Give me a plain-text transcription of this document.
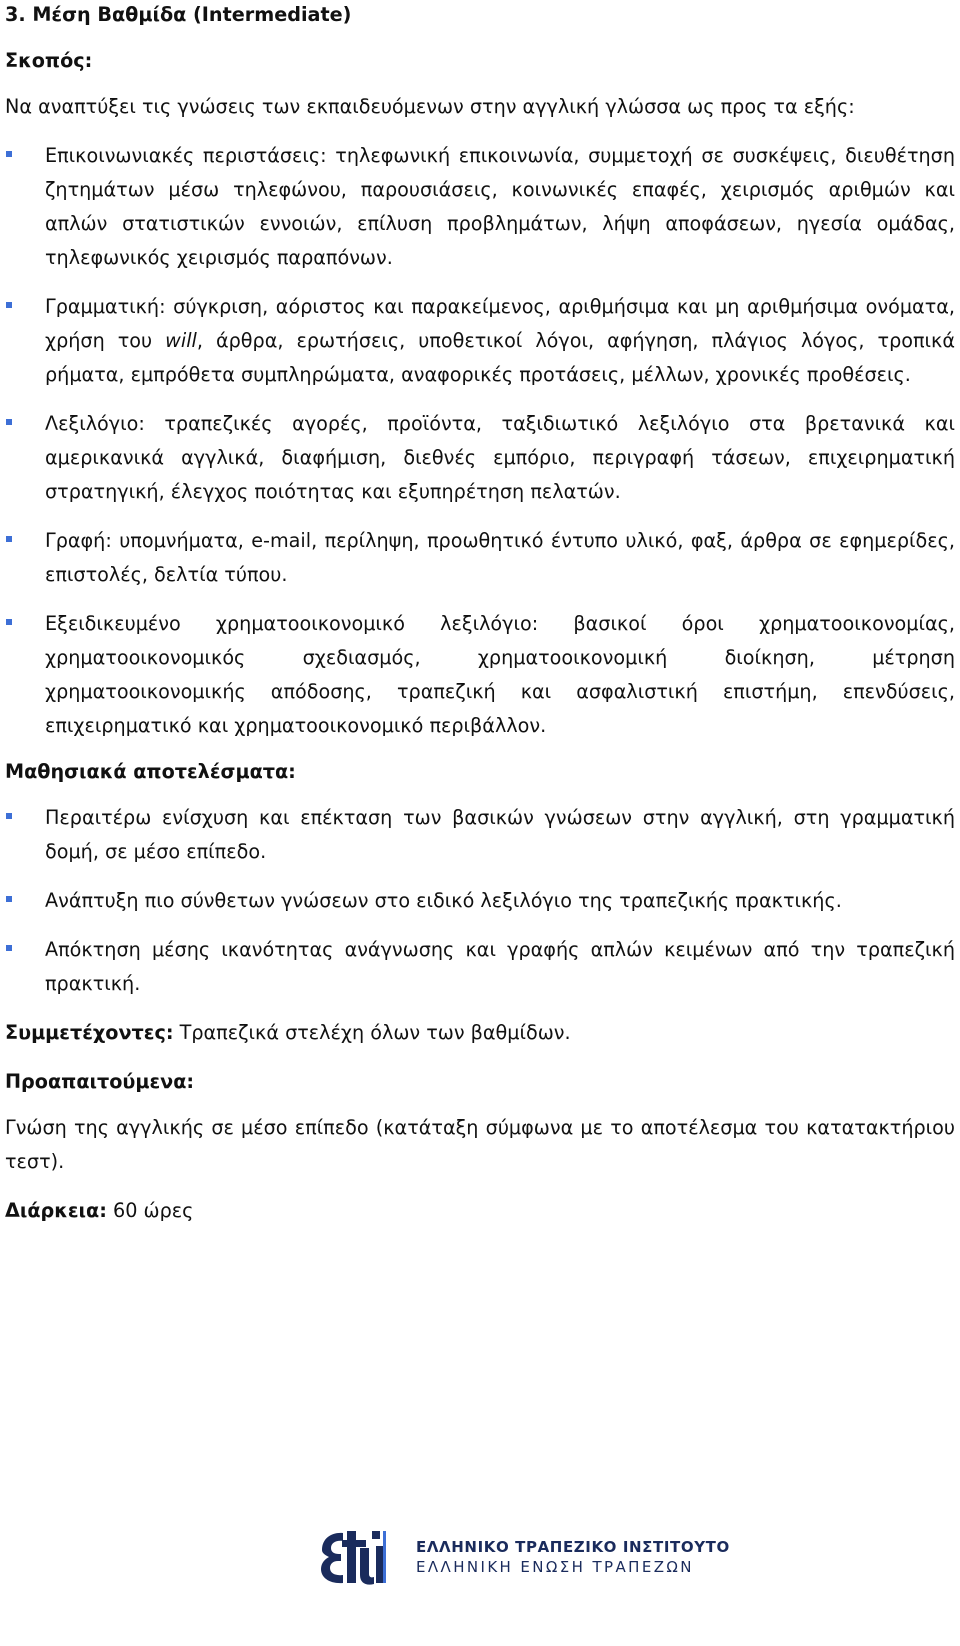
3. Μέση Βαθμίδα (Intermediate)

Σκοπός:

Να αναπτύξει τις γνώσεις των εκπαιδευόμενων στην αγγλική γλώσσα ως προς τα εξής:

Επικοινωνιακές περιστάσεις: τηλεφωνική επικοινωνία, συμμετοχή σε συσκέψεις, διευθέτηση ζητημάτων μέσω τηλεφώνου, παρουσιάσεις, κοινωνικές επαφές, χειρισμός αριθμών και απλών στατιστικών εννοιών, επίλυση προβλημάτων, λήψη αποφάσεων, ηγεσία ομάδας, τηλεφωνικός χειρισμός παραπόνων.
Γραμματική: σύγκριση, αόριστος και παρακείμενος, αριθμήσιμα και μη αριθμήσιμα ονόματα, χρήση του will, άρθρα, ερωτήσεις, υποθετικοί λόγοι, αφήγηση, πλάγιος λόγος, τροπικά ρήματα, εμπρόθετα συμπληρώματα, αναφορικές προτάσεις, μέλλων, χρονικές προθέσεις.
Λεξιλόγιο: τραπεζικές αγορές, προϊόντα, ταξιδιωτικό λεξιλόγιο στα βρετανικά και αμερικανικά αγγλικά, διαφήμιση, διεθνές εμπόριο, περιγραφή τάσεων, επιχειρηματική στρατηγική, έλεγχος ποιότητας και εξυπηρέτηση πελατών.
Γραφή: υπομνήματα, e-mail, περίληψη, προωθητικό έντυπο υλικό, φαξ, άρθρα σε εφημερίδες, επιστολές, δελτία τύπου.
Εξειδικευμένο χρηματοοικονομικό λεξιλόγιο: βασικοί όροι χρηματοοικονομίας, χρηματοοικονομικός σχεδιασμός, χρηματοοικονομική διοίκηση, μέτρηση χρηματοοικονομικής απόδοσης, τραπεζική και ασφαλιστική επιστήμη, επενδύσεις, επιχειρηματικό και χρηματοοικονομικό περιβάλλον.

Μαθησιακά αποτελέσματα:

Περαιτέρω ενίσχυση και επέκταση των βασικών γνώσεων στην αγγλική, στη γραμματική δομή, σε μέσο επίπεδο.
Ανάπτυξη πιο σύνθετων γνώσεων στο ειδικό λεξιλόγιο της τραπεζικής πρακτικής.
Απόκτηση μέσης ικανότητας ανάγνωσης και γραφής απλών κειμένων από την τραπεζική πρακτική.

Συμμετέχοντες: Τραπεζικά στελέχη όλων των βαθμίδων.

Προαπαιτούμενα:

Γνώση της αγγλικής σε μέσο επίπεδο (κατάταξη σύμφωνα με το αποτέλεσμα του κατατακτήριου τεστ).

Διάρκεια: 60 ώρες

ΕΛΛΗΝΙΚΟ ΤΡΑΠΕΖΙΚΟ ΙΝΣΤΙΤΟΥΤΟ
ΕΛΛΗΝΙΚΗ ΕΝΩΣΗ ΤΡΑΠΕΖΩΝ
